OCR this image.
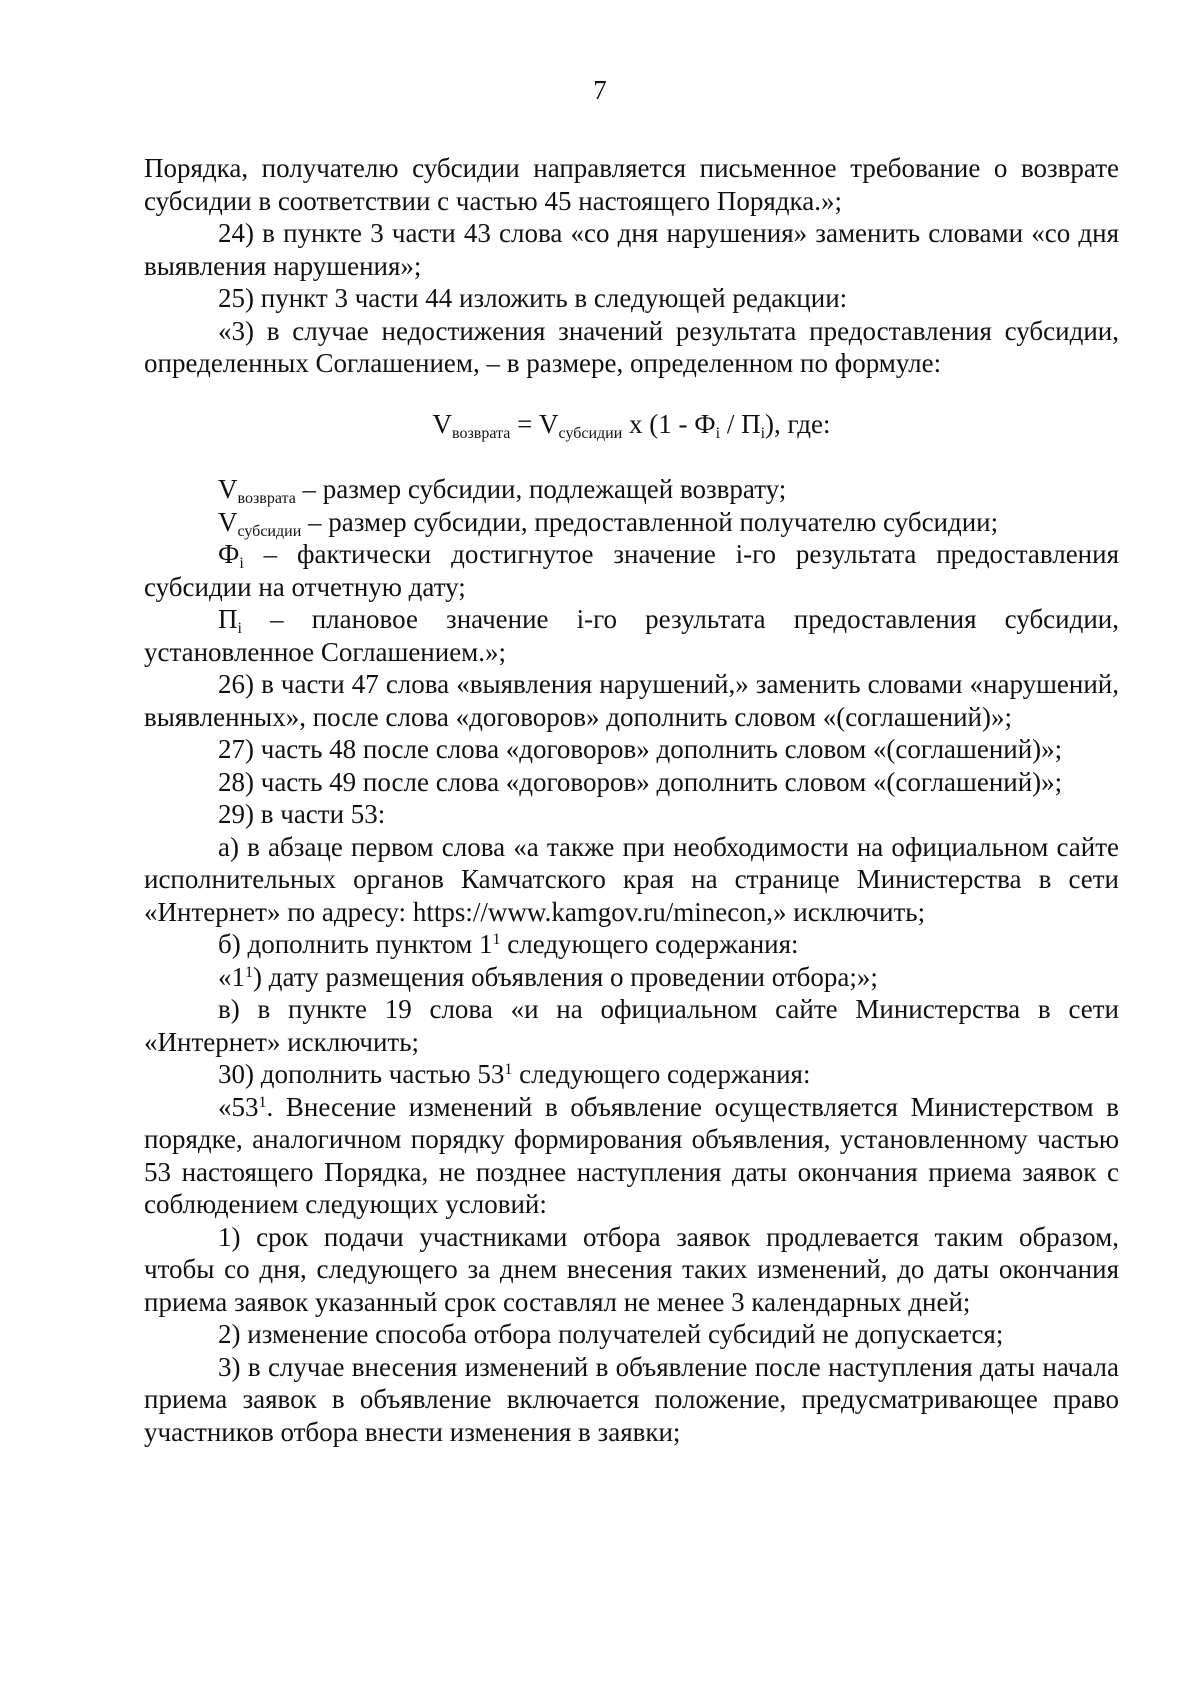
7

Порядка, получателю субсидии направляется письменное требование о возврате субсидии в соответствии с частью 45 настоящего Порядка.»;

24) в пункте 3 части 43 слова «со дня нарушения» заменить словами «со дня выявления нарушения»;

25) пункт 3 части 44 изложить в следующей редакции:

«3) в случае недостижения значений результата предоставления субсидии, определенных Соглашением, – в размере, определенном по формуле:

$V_{возврата} = V_{субсидии}$ x $(1 - Ф_i / П_i)$, где:

$V_{возврата}$ – размер субсидии, подлежащей возврату;

$V_{субсидии}$ – размер субсидии, предоставленной получателю субсидии;

$Ф_i$ – фактически достигнутое значение i-го результата предоставления субсидии на отчетную дату;

$П_i$ – плановое значение i-го результата предоставления субсидии, установленное Соглашением.»;

26) в части 47 слова «выявления нарушений,» заменить словами «нарушений, выявленных», после слова «договоров» дополнить словом «(соглашений)»;

27) часть 48 после слова «договоров» дополнить словом «(соглашений)»;

28) часть 49 после слова «договоров» дополнить словом «(соглашений)»;

29) в части 53:

а) в абзаце первом слова «а также при необходимости на официальном сайте исполнительных органов Камчатского края на странице Министерства в сети «Интернет» по адресу: https://www.kamgov.ru/minecon,» исключить;

б) дополнить пунктом $1^1$ следующего содержания:

«$1^1$) дату размещения объявления о проведении отбора;»;

в) в пункте 19 слова «и на официальном сайте Министерства в сети «Интернет» исключить;

30) дополнить частью $53^1$ следующего содержания:

«$53^1$. Внесение изменений в объявление осуществляется Министерством в порядке, аналогичном порядку формирования объявления, установленному частью 53 настоящего Порядка, не позднее наступления даты окончания приема заявок с соблюдением следующих условий:

1) срок подачи участниками отбора заявок продлевается таким образом, чтобы со дня, следующего за днем внесения таких изменений, до даты окончания приема заявок указанный срок составлял не менее 3 календарных дней;

2) изменение способа отбора получателей субсидий не допускается;

3) в случае внесения изменений в объявление после наступления даты начала приема заявок в объявление включается положение, предусматривающее право участников отбора внести изменения в заявки;
